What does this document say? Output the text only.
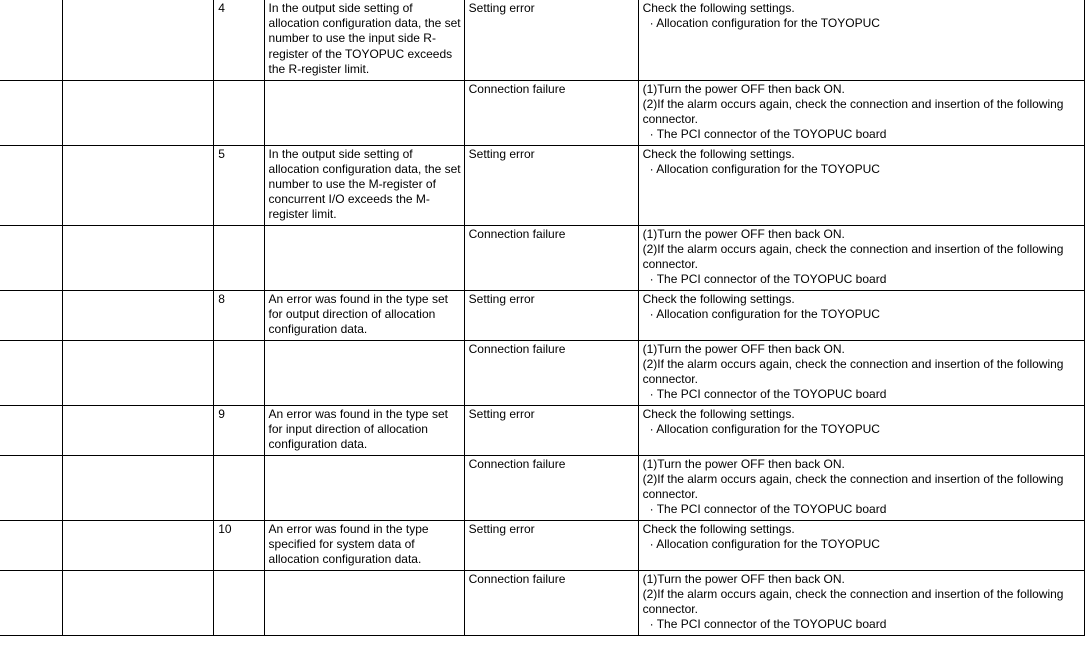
		4	In the output side setting of allocation configuration data, the set number to use the input side R-register of the TOYOPUC exceeds the R-register limit.	Setting error	Check the following settings.
· Allocation configuration for the TOYOPUC

				Connection failure	(1)Turn the power OFF then back ON.
(2)If the alarm occurs again, check the connection and insertion of the following connector.
· The PCI connector of the TOYOPUC board

		5	In the output side setting of allocation configuration data, the set number to use the M-register of concurrent I/O exceeds the M-register limit.	Setting error	Check the following settings.
· Allocation configuration for the TOYOPUC

				Connection failure	(1)Turn the power OFF then back ON.
(2)If the alarm occurs again, check the connection and insertion of the following connector.
· The PCI connector of the TOYOPUC board

		8	An error was found in the type set for output direction of allocation configuration data.	Setting error	Check the following settings.
· Allocation configuration for the TOYOPUC

				Connection failure	(1)Turn the power OFF then back ON.
(2)If the alarm occurs again, check the connection and insertion of the following connector.
· The PCI connector of the TOYOPUC board

		9	An error was found in the type set for input direction of allocation configuration data.	Setting error	Check the following settings.
· Allocation configuration for the TOYOPUC

				Connection failure	(1)Turn the power OFF then back ON.
(2)If the alarm occurs again, check the connection and insertion of the following connector.
· The PCI connector of the TOYOPUC board

		10	An error was found in the type specified for system data of allocation configuration data.	Setting error	Check the following settings.
· Allocation configuration for the TOYOPUC

				Connection failure	(1)Turn the power OFF then back ON.
(2)If the alarm occurs again, check the connection and insertion of the following connector.
· The PCI connector of the TOYOPUC board
